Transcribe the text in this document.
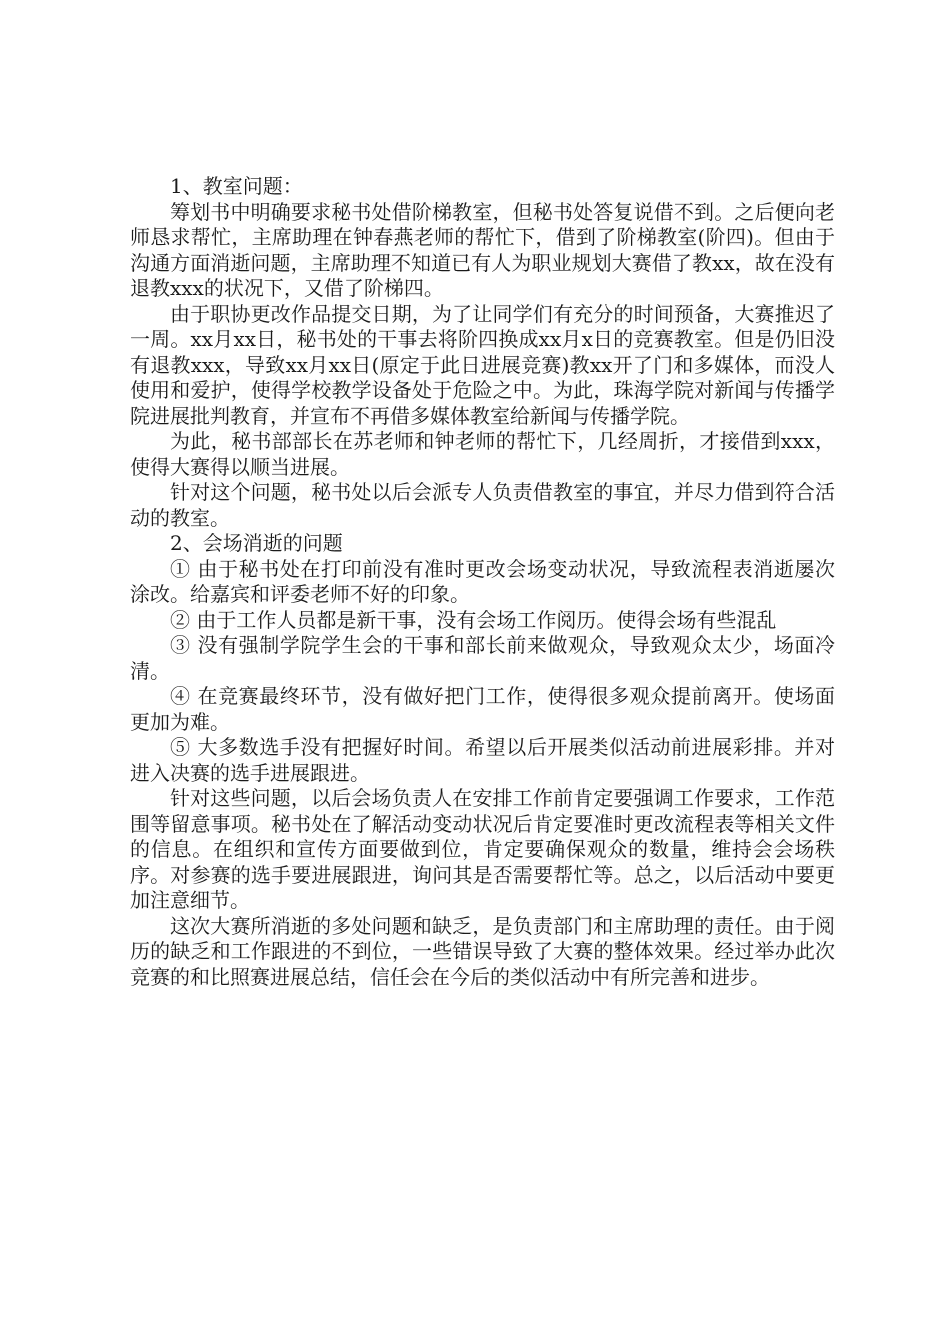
1、教室问题：

筹划书中明确要求秘书处借阶梯教室，但秘书处答复说借不到。之后便向老师恳求帮忙，主席助理在钟春燕老师的帮忙下，借到了阶梯教室(阶四)。但由于沟通方面消逝问题，主席助理不知道已有人为职业规划大赛借了教xx，故在没有退教xxx的状况下，又借了阶梯四。

由于职协更改作品提交日期，为了让同学们有充分的时间预备，大赛推迟了一周。xx月xx日，秘书处的干事去将阶四换成xx月x日的竞赛教室。但是仍旧没有退教xxx，导致xx月xx日(原定于此日进展竞赛)教xx开了门和多媒体，而没人使用和爱护，使得学校教学设备处于危险之中。为此，珠海学院对新闻与传播学院进展批判教育，并宣布不再借多媒体教室给新闻与传播学院。

为此，秘书部部长在苏老师和钟老师的帮忙下，几经周折，才接借到xxx，使得大赛得以顺当进展。

针对这个问题，秘书处以后会派专人负责借教室的事宜，并尽力借到符合活动的教室。

2、会场消逝的问题

① 由于秘书处在打印前没有准时更改会场变动状况，导致流程表消逝屡次涂改。给嘉宾和评委老师不好的印象。

② 由于工作人员都是新干事，没有会场工作阅历。使得会场有些混乱

③ 没有强制学院学生会的干事和部长前来做观众，导致观众太少，场面冷清。

④ 在竞赛最终环节，没有做好把门工作，使得很多观众提前离开。使场面更加为难。

⑤ 大多数选手没有把握好时间。希望以后开展类似活动前进展彩排。并对进入决赛的选手进展跟进。

针对这些问题，以后会场负责人在安排工作前肯定要强调工作要求，工作范围等留意事项。秘书处在了解活动变动状况后肯定要准时更改流程表等相关文件的信息。在组织和宣传方面要做到位，肯定要确保观众的数量，维持会会场秩序。对参赛的选手要进展跟进，询问其是否需要帮忙等。总之，以后活动中要更加注意细节。

这次大赛所消逝的多处问题和缺乏，是负责部门和主席助理的责任。由于阅历的缺乏和工作跟进的不到位，一些错误导致了大赛的整体效果。经过举办此次竞赛的和比照赛进展总结，信任会在今后的类似活动中有所完善和进步。
